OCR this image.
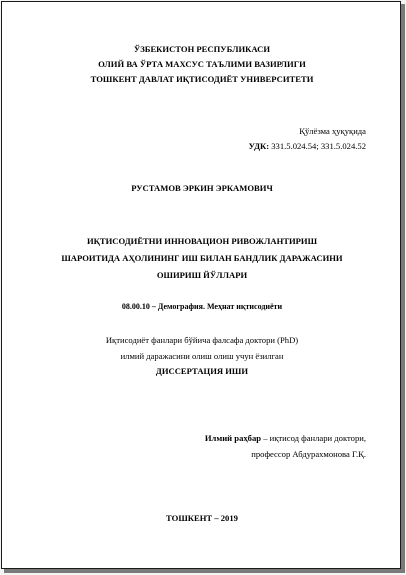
ЎЗБЕКИСТОН РЕСПУБЛИКАСИ
ОЛИЙ ВА ЎРТА МАХСУС ТАЪЛИМИ ВАЗИРЛИГИ
ТОШКЕНТ ДАВЛАТ ИҚТИСОДИЁТ УНИВЕРСИТЕТИ
Қўлёзма ҳуқуқида
УДК: 331.5.024.54; 331.5.024.52
РУСТАМОВ ЭРКИН ЭРКАМОВИЧ
ИҚТИСОДИЁТНИ ИННОВАЦИОН РИВОЖЛАНТИРИШ
ШАРОИТИДА АҲОЛИНИНГ ИШ БИЛАН БАНДЛИК ДАРАЖАСИНИ
ОШИРИШ ЙЎЛЛАРИ
08.00.10 – Демография. Меҳнат иқтисодиёти
Иқтисодиёт фанлари бўйича фалсафа доктори (PhD)
илмий даражасини олиш олиш учун ёзилган
ДИССЕРТАЦИЯ ИШИ
Илмий раҳбар – иқтисод фанлари доктори,
профессор Абдурахмонова Г.Қ.
ТОШКЕНТ – 2019
